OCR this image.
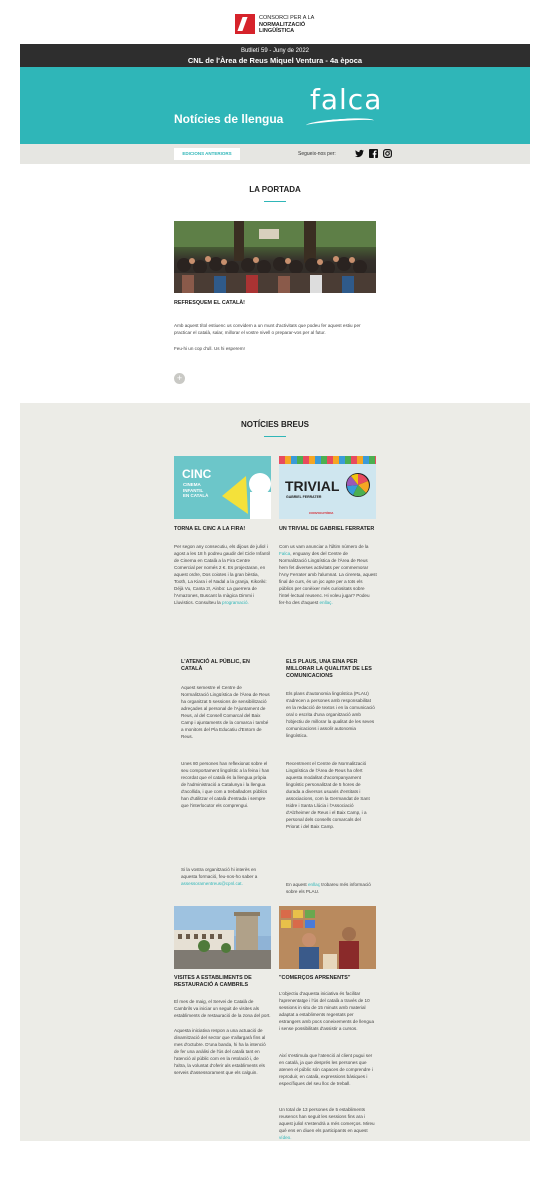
CONSORCI PER A LA
NORMALITZACIÓ
LINGÜÍSTICA
Butlletí 59 - Juny de 2022
CNL de l'Àrea de Reus Miquel Ventura - 4a època
Notícies de llengua
falca
EDICIONS ANTERIORS	Segueix-nos per:
LA PORTADA

REFRESQUEM EL CATALÀ!

Amb aquest títol estiuenc us convidem a un munt d'activitats que podeu fer aquest estiu per practicar el català, salar, millorar el vostre nivell o preparar-vos per al futur.

Feu-hi un cop d'ull. Us hi esperem!

+
NOTÍCIES BREUS
CINC
CINEMA
INFANTIL
EN CATALÀ
TRIVIAL
GABRIEL FERRATER
CONVOCATÒRIA

TORNA EL CINC A LA FIRA!

Per segon any consecutiu, els dijous de juliol i agost a les 18 h podreu gaudir del Cicle Infantil de Cinema en Català a la Fira Centre Comercial per només 2 €. Es projectaran, en aquest ordre, Dos coiotes i la gran bèstia, Tooth, La Kiara i el Nadal a la granja, Kikoriki: Déjà Vu, Canta 2!, Ainbo: La guerrera de l'Amazones, Buscant la màgica Dimmi i Lluvistics. Consulteu la programació.

UN TRIVIAL DE GABRIEL FERRATER

Com us vam anunciar a l'últim número de la Falca, enguany des del Centre de Normalització Lingüística de l'Àrea de Reus hem fet diverses activitats per commemorar l'Any Ferrater amb l'alumnat. La cirereta, aquest final de curs, és un joc apte per a tots els públics per conèixer més curiositats sobre l'intel·lectual reusenc. Hi voleu jugar? Podeu fer-ho des d'aquest enllaç.

L'ATENCIÓ AL PÚBLIC, EN CATALÀ

Aquest semestre el Centre de Normalització Lingüística de l'Àrea de Reus ha organitzat 5 sessions de sensibilització adreçades al personal de l'Ajuntament de Reus, al del Consell Comarcal del Baix Camp i ajuntaments de la comarca i també a monitors del Pla Educatiu d'Entorn de Reus.

Unes 80 persones han reflexionat sobre el seu comportament lingüístic a la feina i han recordat que el català és la llengua pròpia de l'administració a Catalunya i la llengua d'acollida, i que com a treballadors públics han d'utilitzar el català d'entrada i sempre que l'interlocutor els comprengui.

Si la vostra organització hi interès en aquesta formació, feu-nos-ho saber a assessoramentreus@cpnl.cat.

ELS PLAUS, UNA EINA PER MILLORAR LA QUALITAT DE LES COMUNICACIONS

Els plans d'autonomia lingüística (PLAU) s'adrecen a persones amb responsabilitat en la redacció de textos i en la comunicació oral o escrita d'una organització amb l'objectiu de millorar la qualitat de les seves comunicacions i assolir autonomia lingüística.

Recentment el Centre de Normalització Lingüística de l'Àrea de Reus ha ofert aquesta modalitat d'acompanyament lingüístic personalitzat de 5 hores de durada a diversos usuaris d'entitats i associacions, com la Germandat de Sant Isidre i Santa Llúcia i l'Associació d'Alzheimer de Reus i el Baix Camp, i a personal dels consells comarcals del Priorat i del Baix Camp.

En aquest enllaç trobareu més informació sobre els PLAU.

VISITES A ESTABLIMENTS DE RESTAURACIÓ A CAMBRILS

El mes de maig, el Servei de Català de Cambrils va iniciar un seguit de visites als establiments de restauració de la zona del port.

Aquesta iniciativa respon a una actuació de dinamització del sector que s'allargarà fins al mes d'octubre. D'una banda, hi ha la intenció de fer una anàlisi de l'ús del català tant en l'atenció al públic com en la retolació i, de l'altra, la voluntat d'oferir als establiments els serveis d'assessorament que els calguin.

"COMERÇOS APRENENTS"

L'objectiu d'aquesta iniciativa és facilitar l'aprenentatge i l'ús del català a través de 10 sessions in situ de 15 minuts amb material adaptat a establiments regentats per estrangers amb pocs coneixements de llengua i sense possibilitats d'assistir a cursos.

Així s'estimula que l'atenció al client pugui ser en català, ja que després les persones que atenen el públic són capaces de comprendre i reproduir, en català, expressions bàsiques i específiques del seu lloc de treball.

Un total de 13 persones de 5 establiments reusencs han seguit les sessions fins ara i aquest juliol s'estendrà a més comerços. Mireu què ens en diuen els participants en aquest vídeo.
